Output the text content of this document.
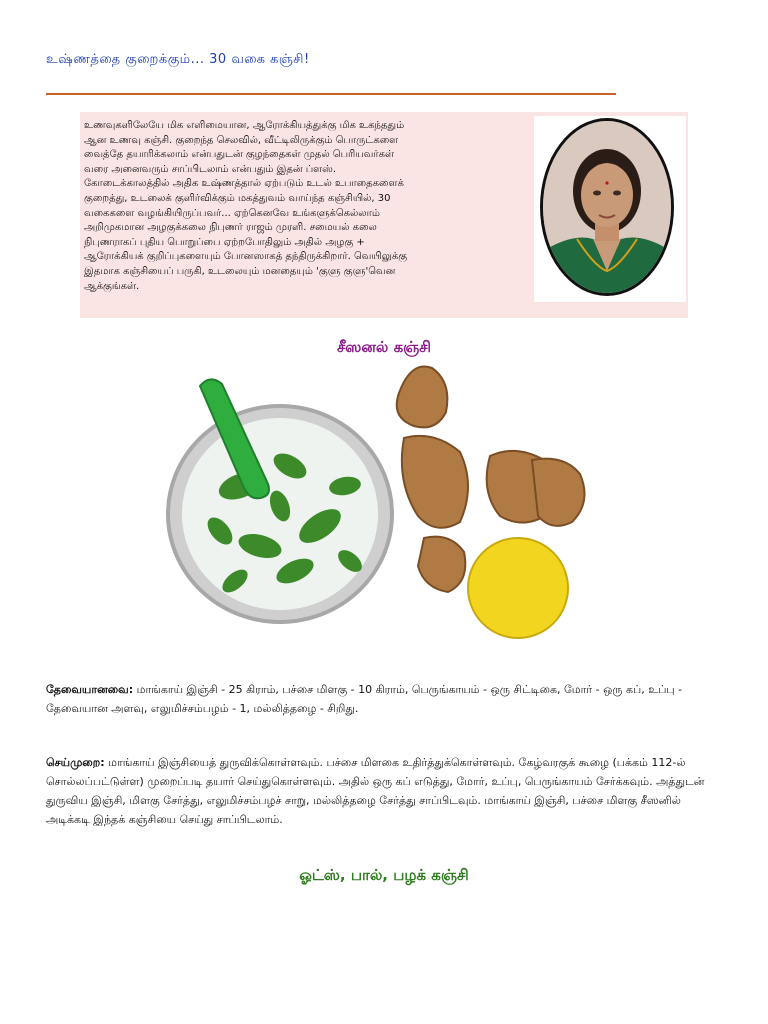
உஷ்ணத்தை குறைக்கும்... 30 வகை கஞ்சி!
உணவுகளிலேயே மிக எளிமையான, ஆரோக்கியத்துக்கு மிக உகந்ததும்
ஆன உணவு கஞ்சி. குறைந்த செலவில், வீட்டிலிருக்கும் பொருட்களை
வைத்தே தயாரிக்கலாம் என்பதுடன் குழந்தைகள் முதல் பெரியவர்கள்
வரை அனைவரும் சாப்பிடலாம் என்பதும் இதன் ப்ளஸ்.
கோடைக்காலத்தில் அதிக உஷ்ணத்தால் ஏற்படும் உடல் உபாதைகளைக்
குறைத்து, உடலைக் குளிர்விக்கும் மகத்துவம் வாய்ந்த கஞ்சியில், 30
வகைகளை வழங்கியிருப்பவர்... ஏற்கெனவே உங்களுக்கெல்லாம்
அறிமுகமான அழகுக்கலை நிபுணர் ராஜம் முரளி. சமையல் கலை
நிபுணராகப் புதிய பொறுப்பை ஏற்றபோதிலும் அதில் அழகு +
ஆரோக்கியக் குறிப்புகளையும் போனஸாகத் தந்திருக்கிறார். வெயிலுக்கு
இதமாக கஞ்சியைப் பருகி, உடலையும் மனதையும் 'குளு குளு'வென
ஆக்குங்கள்.
சீஸனல் கஞ்சி
தேவையானவை: மாங்காய் இஞ்சி - 25 கிராம், பச்சை மிளகு - 10 கிராம், பெருங்காயம் - ஒரு சிட்டிகை, மோர் - ஒரு கப், உப்பு - தேவையான அளவு, எலுமிச்சம்பழம் - 1, மல்லித்தழை - சிறிது.
செய்முறை: மாங்காய் இஞ்சியைத் துருவிக்கொள்ளவும். பச்சை மிளகை உதிர்த்துக்கொள்ளவும். கேழ்வரகுக் கூழை (பக்கம் 112-ல் சொல்லப்பட்டுள்ள) முறைப்படி தயார் செய்துகொள்ளவும். அதில் ஒரு கப் எடுத்து, மோர், உப்பு, பெருங்காயம் சேர்க்கவும். அத்துடன் துருவிய இஞ்சி, மிளகு சேர்த்து, எலுமிச்சம்பழச் சாறு, மல்லித்தழை சேர்த்து சாப்பிடவும். மாங்காய் இஞ்சி, பச்சை மிளகு சீஸனில் அடிக்கடி இந்தக் கஞ்சியை செய்து சாப்பிடலாம்.
ஓட்ஸ், பால், பழக் கஞ்சி
